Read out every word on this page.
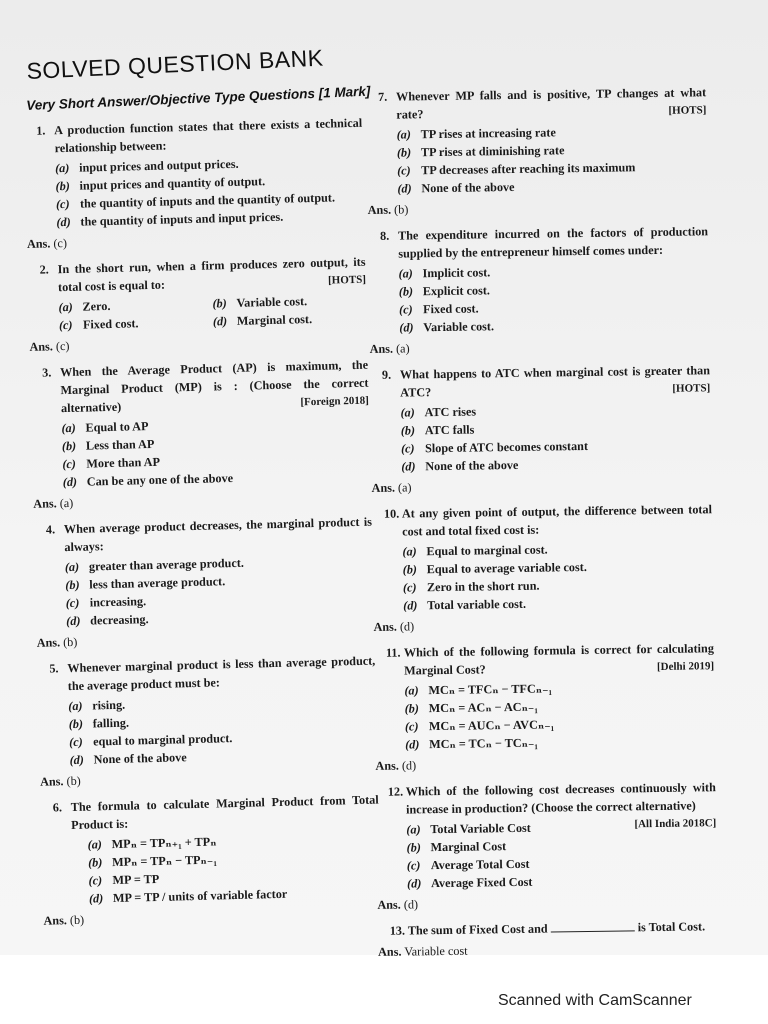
SOLVED QUESTION BANK
Very Short Answer/Objective Type Questions [1 Mark]

1. A production function states that there exists a technical relationship between:

(a) input prices and output prices.
(b) input prices and quantity of output.
(c) the quantity of inputs and the quantity of output.
(d) the quantity of inputs and input prices.
Ans. (c)

2. In the short run, when a firm produces zero output, its total cost is equal to:	[HOTS]

(a) Zero.	(b) Variable cost.
(c) Fixed cost.	(d) Marginal cost.
Ans. (c)

3. When the Average Product (AP) is maximum, the Marginal Product (MP) is : (Choose the correct alternative)	[Foreign 2018]

(a) Equal to AP
(b) Less than AP
(c) More than AP
(d) Can be any one of the above
Ans. (a)

4. When average product decreases, the marginal product is always:

(a) greater than average product.
(b) less than average product.
(c) increasing.
(d) decreasing.
Ans. (b)

5. Whenever marginal product is less than average product, the average product must be:

(a) rising.
(b) falling.
(c) equal to marginal product.
(d) None of the above
Ans. (b)

6. The formula to calculate Marginal Product from Total Product is:

(a) MPₙ = TPₙ₊₁ + TPₙ
(b) MPₙ = TPₙ − TPₙ₋₁
(c) MP = TP
(d) MP = TP / units of variable factor
Ans. (b)

7. Whenever MP falls and is positive, TP changes at what rate?	[HOTS]

(a) TP rises at increasing rate
(b) TP rises at diminishing rate
(c) TP decreases after reaching its maximum
(d) None of the above
Ans. (b)

8. The expenditure incurred on the factors of production supplied by the entrepreneur himself comes under:

(a) Implicit cost.
(b) Explicit cost.
(c) Fixed cost.
(d) Variable cost.
Ans. (a)

9. What happens to ATC when marginal cost is greater than ATC?	[HOTS]

(a) ATC rises
(b) ATC falls
(c) Slope of ATC becomes constant
(d) None of the above
Ans. (a)

10. At any given point of output, the difference between total cost and total fixed cost is:

(a) Equal to marginal cost.
(b) Equal to average variable cost.
(c) Zero in the short run.
(d) Total variable cost.
Ans. (d)

11. Which of the following formula is correct for calculating Marginal Cost?	[Delhi 2019]

(a) MCₙ = TFCₙ − TFCₙ₋₁
(b) MCₙ = ACₙ − ACₙ₋₁
(c) MCₙ = AUCₙ − AVCₙ₋₁
(d) MCₙ = TCₙ − TCₙ₋₁
Ans. (d)

12. Which of the following cost decreases continuously with increase in production? (Choose the correct alternative)
[All India 2018C]

(a) Total Variable Cost
(b) Marginal Cost
(c) Average Total Cost
(d) Average Fixed Cost
Ans. (d)

13. The sum of Fixed Cost and	is Total Cost.

Ans. Variable cost
Scanned with CamScanner
